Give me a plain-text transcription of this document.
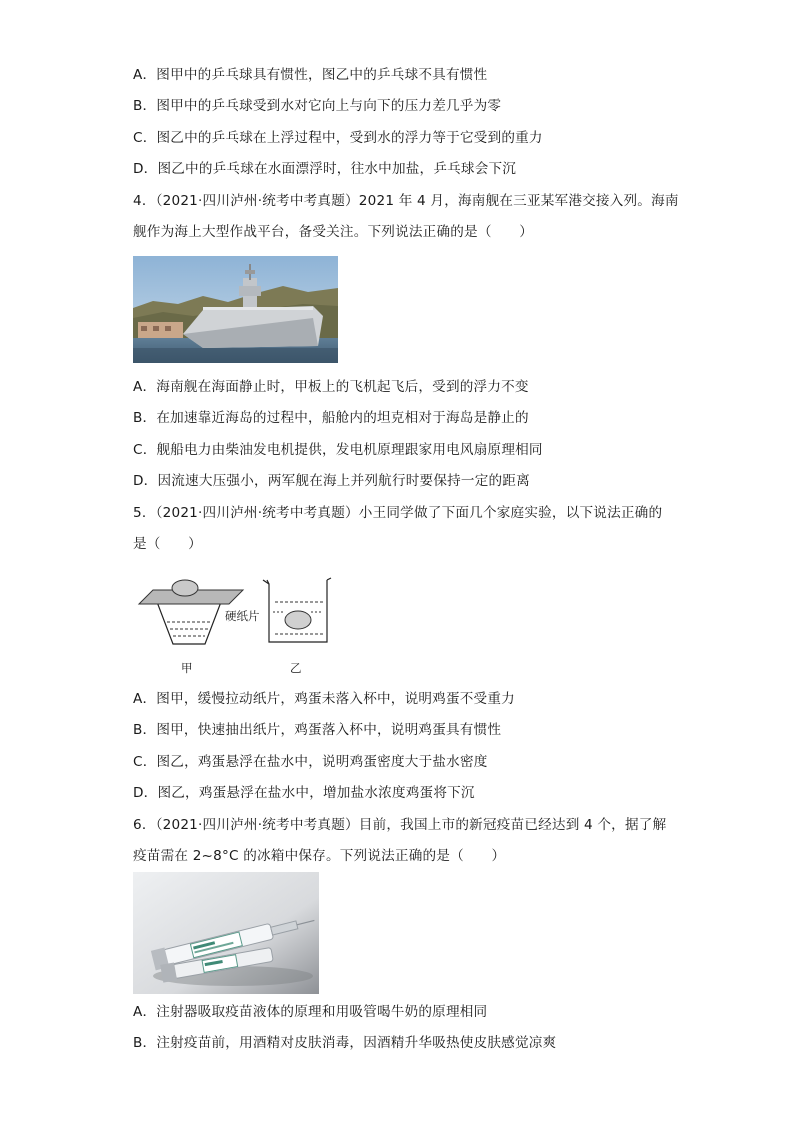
A．图甲中的乒乓球具有惯性，图乙中的乒乓球不具有惯性
B．图甲中的乒乓球受到水对它向上与向下的压力差几乎为零
C．图乙中的乒乓球在上浮过程中，受到水的浮力等于它受到的重力
D．图乙中的乒乓球在水面漂浮时，往水中加盐，乒乓球会下沉
4．（2021·四川泸州·统考中考真题）2021 年 4 月，海南舰在三亚某军港交接入列。海南
舰作为海上大型作战平台，备受关注。下列说法正确的是（　　）
A．海南舰在海面静止时，甲板上的飞机起飞后，受到的浮力不变
B．在加速靠近海岛的过程中，船舱内的坦克相对于海岛是静止的
C．舰船电力由柴油发电机提供，发电机原理跟家用电风扇原理相同
D．因流速大压强小，两军舰在海上并列航行时要保持一定的距离
5．（2021·四川泸州·统考中考真题）小王同学做了下面几个家庭实验，以下说法正确的
是（　　）
硬纸片
甲	乙
A．图甲，缓慢拉动纸片，鸡蛋未落入杯中，说明鸡蛋不受重力
B．图甲，快速抽出纸片，鸡蛋落入杯中，说明鸡蛋具有惯性
C．图乙，鸡蛋悬浮在盐水中，说明鸡蛋密度大于盐水密度
D．图乙，鸡蛋悬浮在盐水中，增加盐水浓度鸡蛋将下沉
6．（2021·四川泸州·统考中考真题）目前，我国上市的新冠疫苗已经达到 4 个，据了解
疫苗需在 2~8°C 的冰箱中保存。下列说法正确的是（　　）
A．注射器吸取疫苗液体的原理和用吸管喝牛奶的原理相同
B．注射疫苗前，用酒精对皮肤消毒，因酒精升华吸热使皮肤感觉凉爽
